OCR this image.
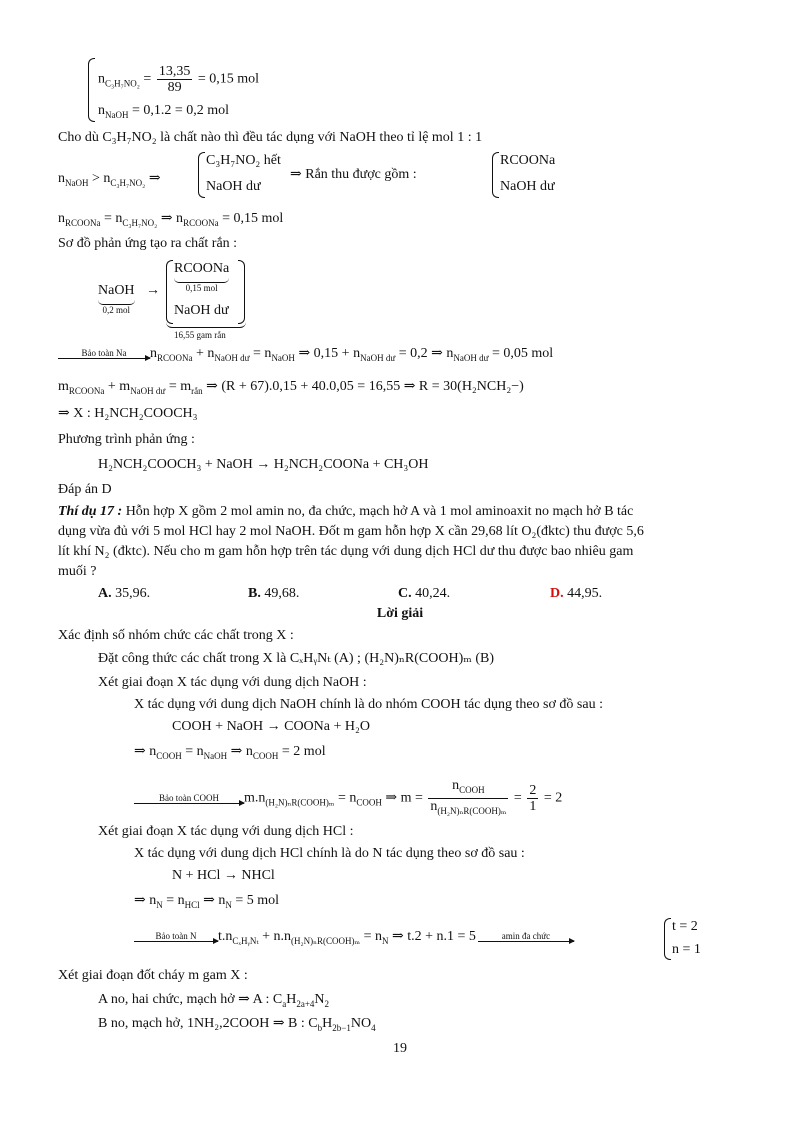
$n_{C_3H_7NO_2} = \frac{13,35}{89} = 0,15$ mol
$n_{NaOH} = 0,1.2 = 0,2$ mol
Cho dù C₃H₇NO₂ là chất nào thì đều tác dụng với NaOH theo tỉ lệ mol 1 : 1
$n_{NaOH} > n_{C_3H_7NO_2}$ ⇒
C₃H₇NO₂ hết
NaOH dư
⇒ Rắn thu được gồm :
RCOONa
NaOH dư
$n_{RCOONa} = n_{C_3H_7NO_2}$ ⇒ $n_{RCOONa} = 0,15$ mol
Sơ đồ phản ứng tạo ra chất rắn :
NaOH
0,2 mol
→
RCOONa
0,15 mol
NaOH dư
16,55 gam rắn
Bảo toàn Na	$n_{RCOONa} + n_{NaOH dư} = n_{NaOH}$ ⇒ $0,15 + n_{NaOH dư} = 0,2$ ⇒ $n_{NaOH dư} = 0,05$ mol
$m_{RCOONa} + m_{NaOH dư} = m_{rắn}$ ⇒ (R + 67).0,15 + 40.0,05 = 16,55 ⇒ R = 30(H₂NCH₂−)
⇒ X : H₂NCH₂COOCH₃
Phương trình phản ứng :
H₂NCH₂COOCH₃ + NaOH → H₂NCH₂COONa + CH₃OH
Đáp án D
Thí dụ 17 : Hỗn hợp X gồm 2 mol amin no, đa chức, mạch hở A và 1 mol aminoaxit no mạch hở B tác
dụng vừa đủ với 5 mol HCl hay 2 mol NaOH. Đốt m gam hỗn hợp X cần 29,68 lít O₂(đktc) thu được 5,6
lít khí N₂ (đktc). Nếu cho m gam hỗn hợp trên tác dụng với dung dịch HCl dư thu được bao nhiêu gam
muối ?
A. 35,96.	B. 49,68.	C. 40,24.	D. 44,95.
Lời giải
Xác định số nhóm chức các chất trong X :
Đặt công thức các chất trong X là CₓHᵧNₜ (A) ; (H₂N)ₙR(COOH)ₘ (B)
Xét giai đoạn X tác dụng với dung dịch NaOH :
X tác dụng với dung dịch NaOH chính là do nhóm COOH tác dụng theo sơ đồ sau :
COOH + NaOH → COONa + H₂O
⇒ $n_{COOH} = n_{NaOH}$ ⇒ $n_{COOH} = 2$ mol
Bảo toàn COOH	$m.n_{(H_2N)_nR(COOH)_m} = n_{COOH}$ ⇒ $m = \frac{n_{COOH}}{n_{(H_2N)_nR(COOH)_m}} = \frac{2}{1} = 2$
Xét giai đoạn X tác dụng với dung dịch HCl :
X tác dụng với dung dịch HCl chính là do N tác dụng theo sơ đồ sau :
N + HCl → NHCl
⇒ $n_N = n_{HCl}$ ⇒ $n_N = 5$ mol
Bảo toàn N	$t.n_{C_xHᵧN_t} + n.n_{(H_2N)_nR(COOH)_m} = n_N$ ⇒ t.2 + n.1 = 5	amin đa chức
t = 2
n = 1
Xét giai đoạn đốt cháy m gam X :
A no, hai chức, mạch hở ⇒ A : $C_aH_{2a+4}N_2$
B no, mạch hở, 1NH₂,2COOH ⇒ B : $C_bH_{2b-1}NO_4$
19
